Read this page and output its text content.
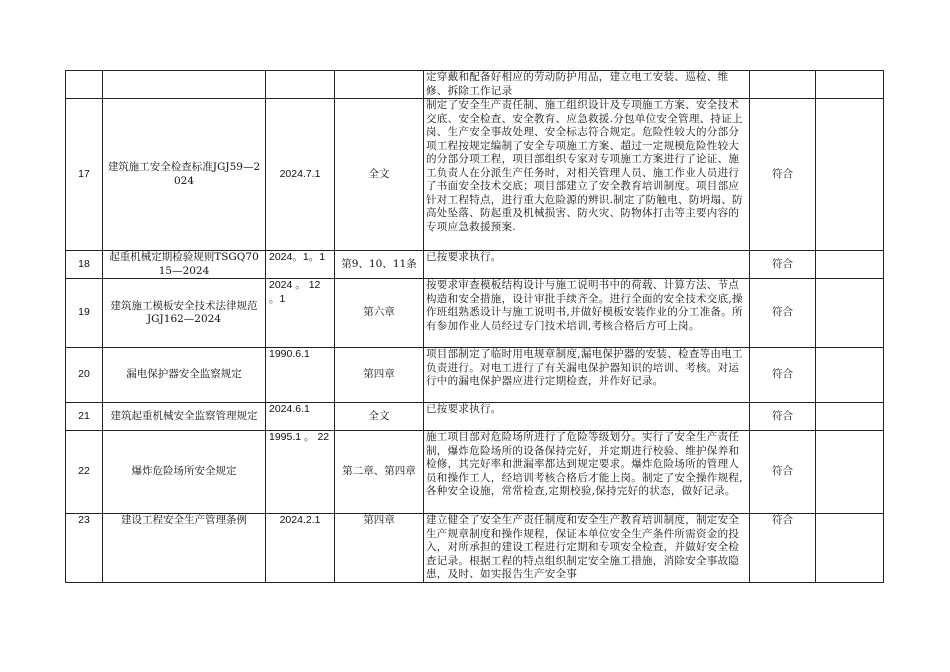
				定穿戴和配备好相应的劳动防护用品，建立电工安装、巡检、维修、拆除工作记录		
17	建筑施工安全检查标准JGJ59—2024	2024.7.1	全文	制定了安全生产责任制、施工组织设计及专项施工方案、安全技术交底、安全检查、安全教育、应急救援.分包单位安全管理、持证上岗、生产安全事故处理、安全标志符合规定。危险性较大的分部分项工程按规定编制了安全专项施工方案、超过一定规模危险性较大的分部分项工程，项目部组织专家对专项施工方案进行了论证、施工负责人在分派生产任务时，对相关管理人员、施工作业人员进行了书面安全技术交底；项目部建立了安全教育培训制度。项目部应针对工程特点，进行重大危险源的辨识.制定了防触电、防坍塌、防高处坠落、防起重及机械损害、防火灾、防物体打击等主要内容的专项应急救援预案.	符合	
18	起重机械定期检验规则TSGQ7015—2024	2024。1。1	第9、10、11条	已按要求执行。	符合	
19	建筑施工模板安全技术法律规范　　JGJ162—2024	2024 。 12 。1	第六章	按要求审查模板结构设计与施工说明书中的荷载、计算方法、节点构造和安全措施，设计审批手续齐全。进行全面的安全技术交底,操作班组熟悉设计与施工说明书,并做好模板安装作业的分工准备。所有参加作业人员经过专门技术培训,考核合格后方可上岗。	符合	
20	漏电保护器安全监察规定	1990.6.1	第四章	项目部制定了临时用电规章制度,漏电保护器的安装、检查等由电工负责进行。对电工进行了有关漏电保护器知识的培训、考核。对运行中的漏电保护器应进行定期检查，并作好记录。	符合	
21	建筑起重机械安全监察管理规定	2024.6.1	全文	已按要求执行。	符合	
22	爆炸危险场所安全规定	1995.1 。 22	第二章、第四章	施工项目部对危险场所进行了危险等级划分。实行了安全生产责任制，爆炸危险场所的设备保持完好，并定期进行校验、维护保养和检修，其完好率和泄漏率都达到规定要求。爆炸危险场所的管理人员和操作工人，经培训考核合格后才能上岗。制定了安全操作规程,各种安全设施，常常检查,定期校验,保持完好的状态，做好记录。	符合	
23	建设工程安全生产管理条例	2024.2.1	第四章	建立健全了安全生产责任制度和安全生产教育培训制度，制定安全生产规章制度和操作规程，保证本单位安全生产条件所需资金的投入，对所承担的建设工程进行定期和专项安全检查，并做好安全检查记录。根据工程的特点组织制定安全施工措施，消除安全事故隐患，及时、如实报告生产安全事	符合	
